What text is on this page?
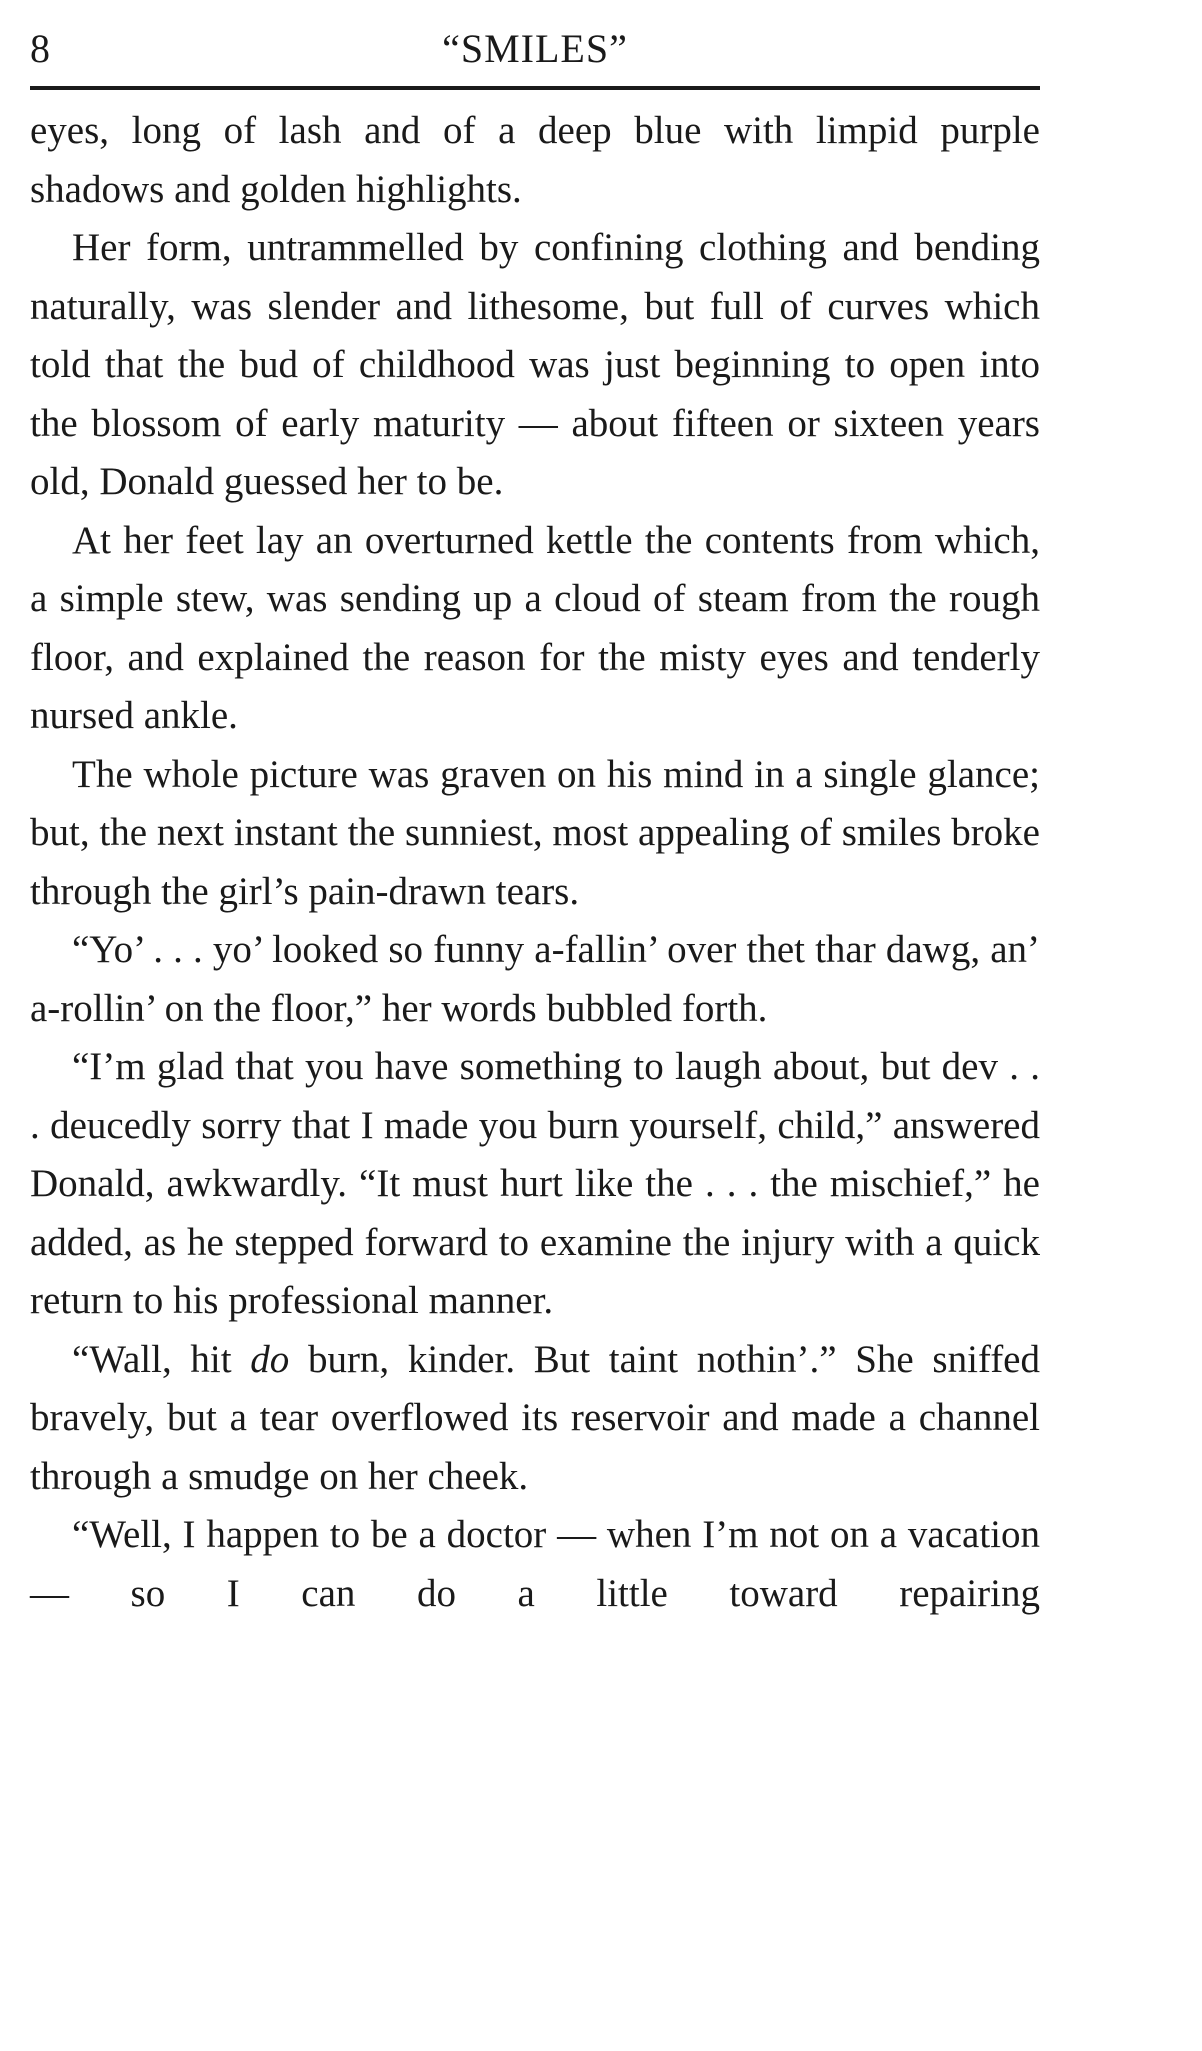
8	“SMILES”

eyes, long of lash and of a deep blue with limpid purple shadows and golden highlights.

Her form, untrammelled by confining clothing and bending naturally, was slender and lithesome, but full of curves which told that the bud of childhood was just beginning to open into the blossom of early maturity — about fifteen or sixteen years old, Donald guessed her to be.

At her feet lay an overturned kettle the contents from which, a simple stew, was sending up a cloud of steam from the rough floor, and explained the reason for the misty eyes and tenderly nursed ankle.

The whole picture was graven on his mind in a single glance; but, the next instant the sunniest, most appealing of smiles broke through the girl’s pain-drawn tears.

“Yo’ . . . yo’ looked so funny a-fallin’ over thet thar dawg, an’ a-rollin’ on the floor,” her words bubbled forth.

“I’m glad that you have something to laugh about, but dev . . . deucedly sorry that I made you burn yourself, child,” answered Donald, awkwardly. “It must hurt like the . . . the mischief,” he added, as he stepped forward to examine the injury with a quick return to his professional manner.

“Wall, hit do burn, kinder. But taint nothin’.” She sniffed bravely, but a tear overflowed its reservoir and made a channel through a smudge on her cheek.

“Well, I happen to be a doctor — when I’m not on a vacation — so I can do a little toward repairing
